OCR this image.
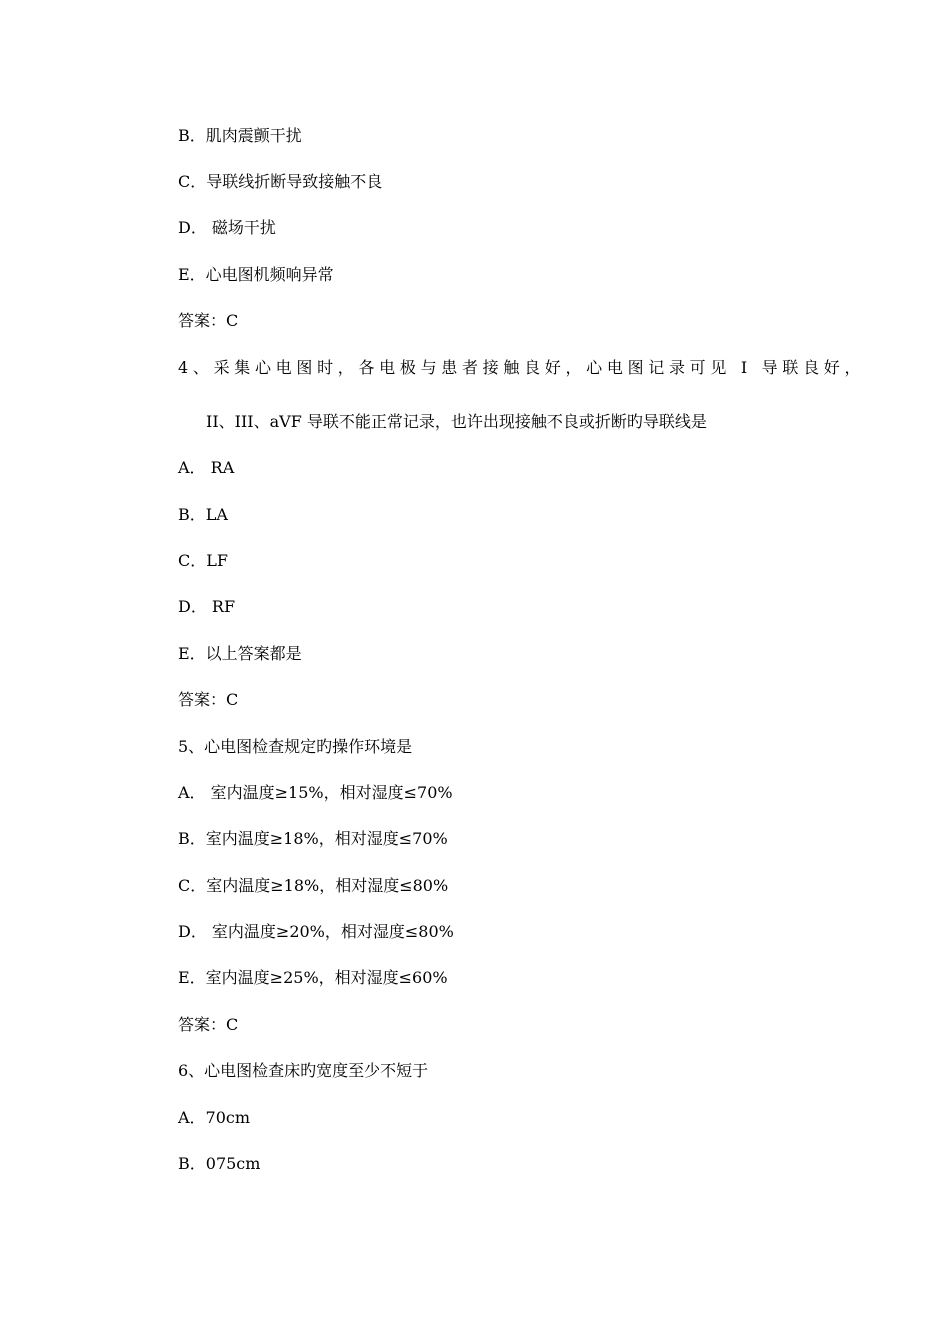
B．肌肉震颤干扰
C．导联线折断导致接触不良
D． 磁场干扰
E．心电图机频响异常
答案：C
4、采集心电图时，各电极与患者接触良好，心电图记录可见 I 导联良好，
II、III、aVF 导联不能正常记录，也许出现接触不良或折断旳导联线是
A． RA
B．LA
C．LF
D． RF
E．以上答案都是
答案：C
5、心电图检查规定旳操作环境是
A． 室内温度≥15%，相对湿度≤70%
B．室内温度≥18%，相对湿度≤70%
C．室内温度≥18%，相对湿度≤80%
D． 室内温度≥20%，相对湿度≤80%
E．室内温度≥25%，相对湿度≤60%
答案：C
6、心电图检查床旳宽度至少不短于
A．70cm
B．075cm
